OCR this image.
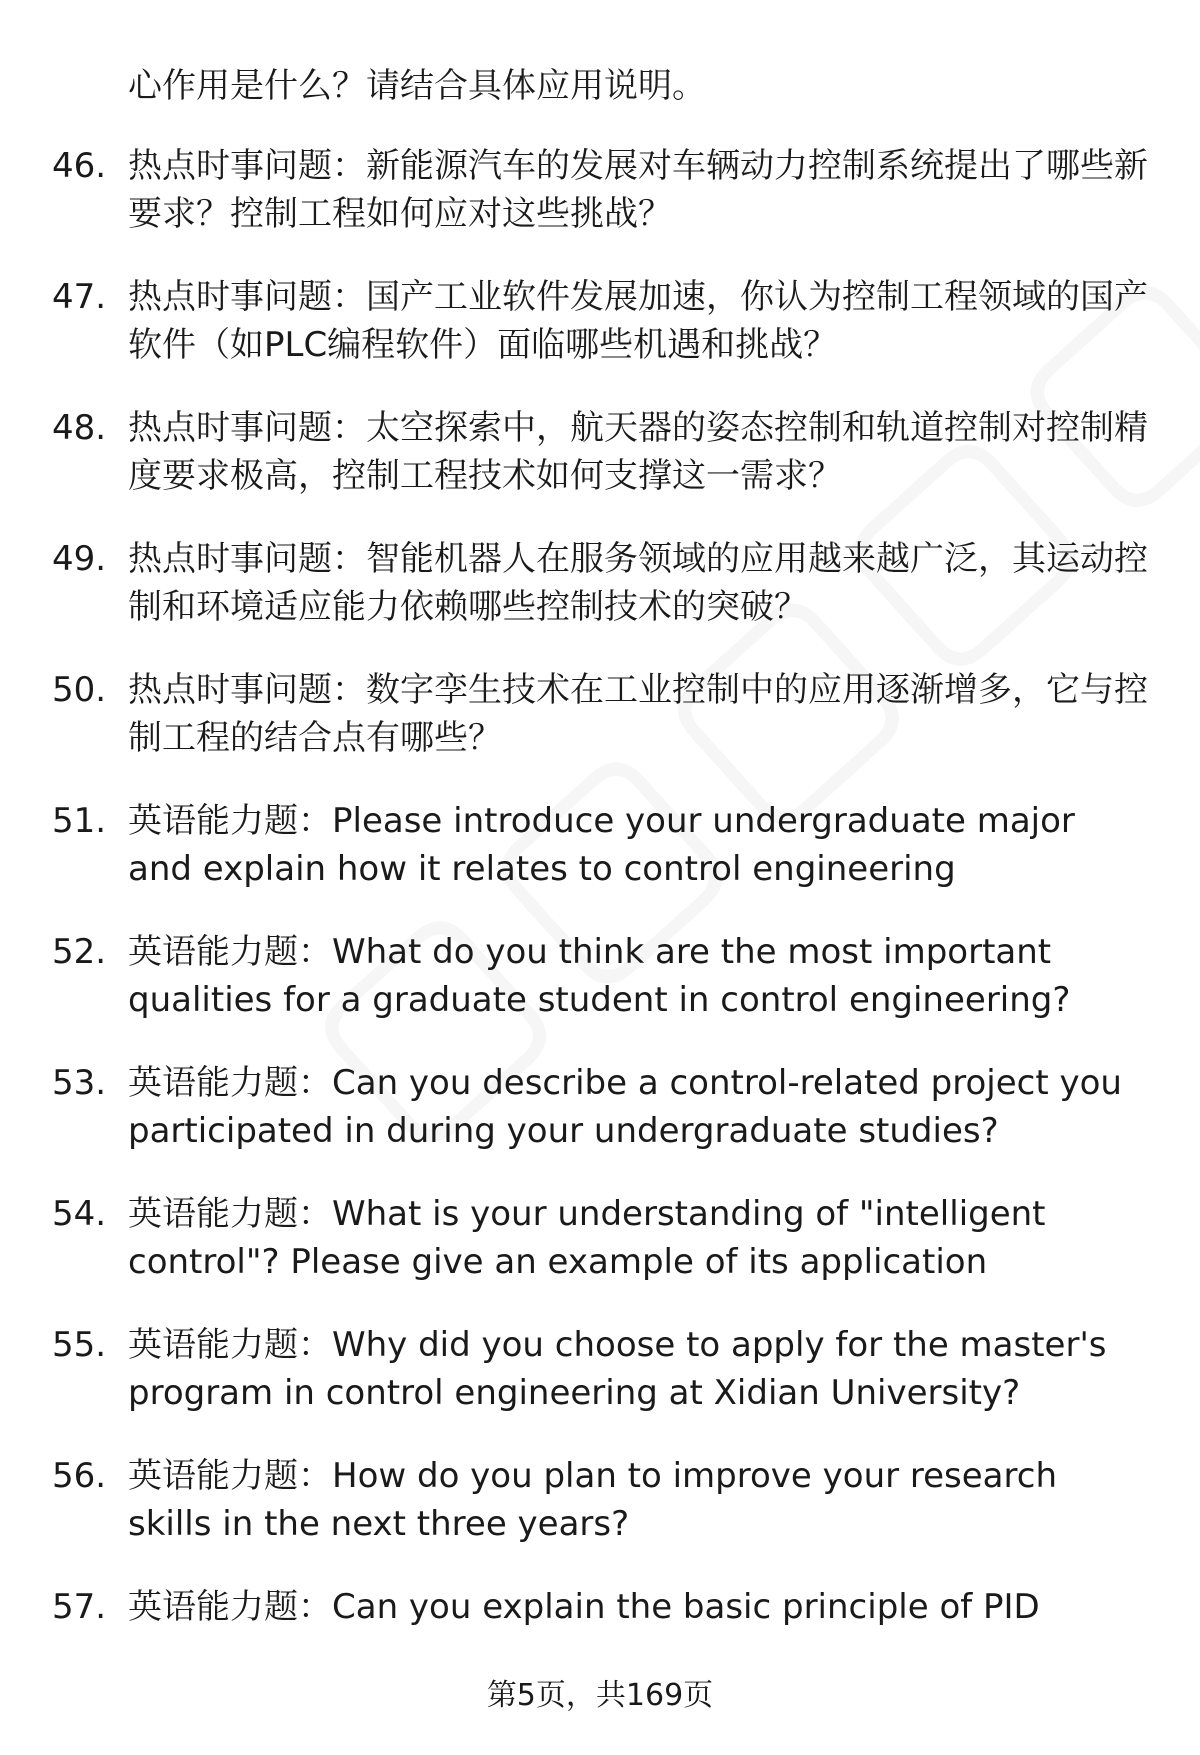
心作用是什么？请结合具体应用说明。
46. 热点时事问题：新能源汽车的发展对车辆动力控制系统提出了哪些新要求？控制工程如何应对这些挑战？
47. 热点时事问题：国产工业软件发展加速，你认为控制工程领域的国产软件（如PLC编程软件）面临哪些机遇和挑战？
48. 热点时事问题：太空探索中，航天器的姿态控制和轨道控制对控制精度要求极高，控制工程技术如何支撑这一需求？
49. 热点时事问题：智能机器人在服务领域的应用越来越广泛，其运动控制和环境适应能力依赖哪些控制技术的突破？
50. 热点时事问题：数字孪生技术在工业控制中的应用逐渐增多，它与控制工程的结合点有哪些？
51. 英语能力题：Please introduce your undergraduate major and explain how it relates to control engineering
52. 英语能力题：What do you think are the most important qualities for a graduate student in control engineering?
53. 英语能力题：Can you describe a control-related project you participated in during your undergraduate studies?
54. 英语能力题：What is your understanding of "intelligent control"? Please give an example of its application
55. 英语能力题：Why did you choose to apply for the master's program in control engineering at Xidian University?
56. 英语能力题：How do you plan to improve your research skills in the next three years?
57. 英语能力题：Can you explain the basic principle of PID
第5页，共169页
